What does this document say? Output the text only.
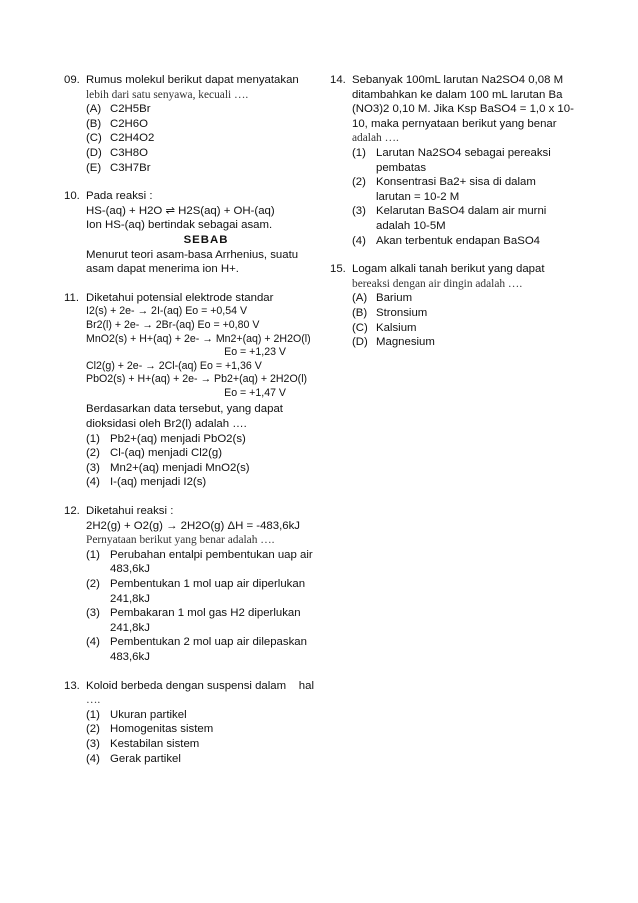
09. Rumus molekul berikut dapat menyatakan
lebih dari satu senyawa, kecuali ….
(A) C2H5Br
(B) C2H6O
(C) C2H4O2
(D) C3H8O
(E) C3H7Br
10. Pada reaksi :
HS-(aq) + H2O ⇌ H2S(aq) + OH-(aq)
Ion HS-(aq) bertindak sebagai asam.
SEBAB
Menurut teori asam-basa Arrhenius, suatu
asam dapat menerima ion H+.
11. Diketahui potensial elektrode standar
I2(s) + 2e- → 2I-(aq) Eo = +0,54 V
Br2(l) + 2e- → 2Br-(aq) Eo = +0,80 V
MnO2(s) + H+(aq) + 2e- → Mn2+(aq) + 2H2O(l)
Eo = +1,23 V
Cl2(g) + 2e- → 2Cl-(aq) Eo = +1,36 V
PbO2(s) + H+(aq) + 2e- → Pb2+(aq) + 2H2O(l)
Eo = +1,47 V
Berdasarkan data tersebut, yang dapat
dioksidasi oleh Br2(l) adalah ….
(1) Pb2+(aq) menjadi PbO2(s)
(2) Cl-(aq) menjadi Cl2(g)
(3) Mn2+(aq) menjadi MnO2(s)
(4) I-(aq) menjadi I2(s)
12. Diketahui reaksi :
2H2(g) + O2(g) → 2H2O(g) ΔH = -483,6kJ
Pernyataan berikut yang benar adalah ….
(1) Perubahan entalpi pembentukan uap air
483,6kJ
(2) Pembentukan 1 mol uap air diperlukan
241,8kJ
(3) Pembakaran 1 mol gas H2 diperlukan
241,8kJ
(4) Pembentukan 2 mol uap air dilepaskan
483,6kJ
13. Koloid berbeda dengan suspensi dalam    hal
….
(1) Ukuran partikel
(2) Homogenitas sistem
(3) Kestabilan sistem
(4) Gerak partikel
14. Sebanyak 100mL larutan Na2SO4 0,08 M
ditambahkan ke dalam 100 mL larutan Ba
(NO3)2 0,10 M. Jika Ksp BaSO4 = 1,0 x 10-
10, maka pernyataan berikut yang benar
adalah ….
(1) Larutan Na2SO4 sebagai pereaksi
pembatas
(2) Konsentrasi Ba2+ sisa di dalam
larutan = 10-2 M
(3) Kelarutan BaSO4 dalam air murni
adalah 10-5M
(4) Akan terbentuk endapan BaSO4
15. Logam alkali tanah berikut yang dapat
bereaksi dengan air dingin adalah ….
(A) Barium
(B) Stronsium
(C) Kalsium
(D) Magnesium
